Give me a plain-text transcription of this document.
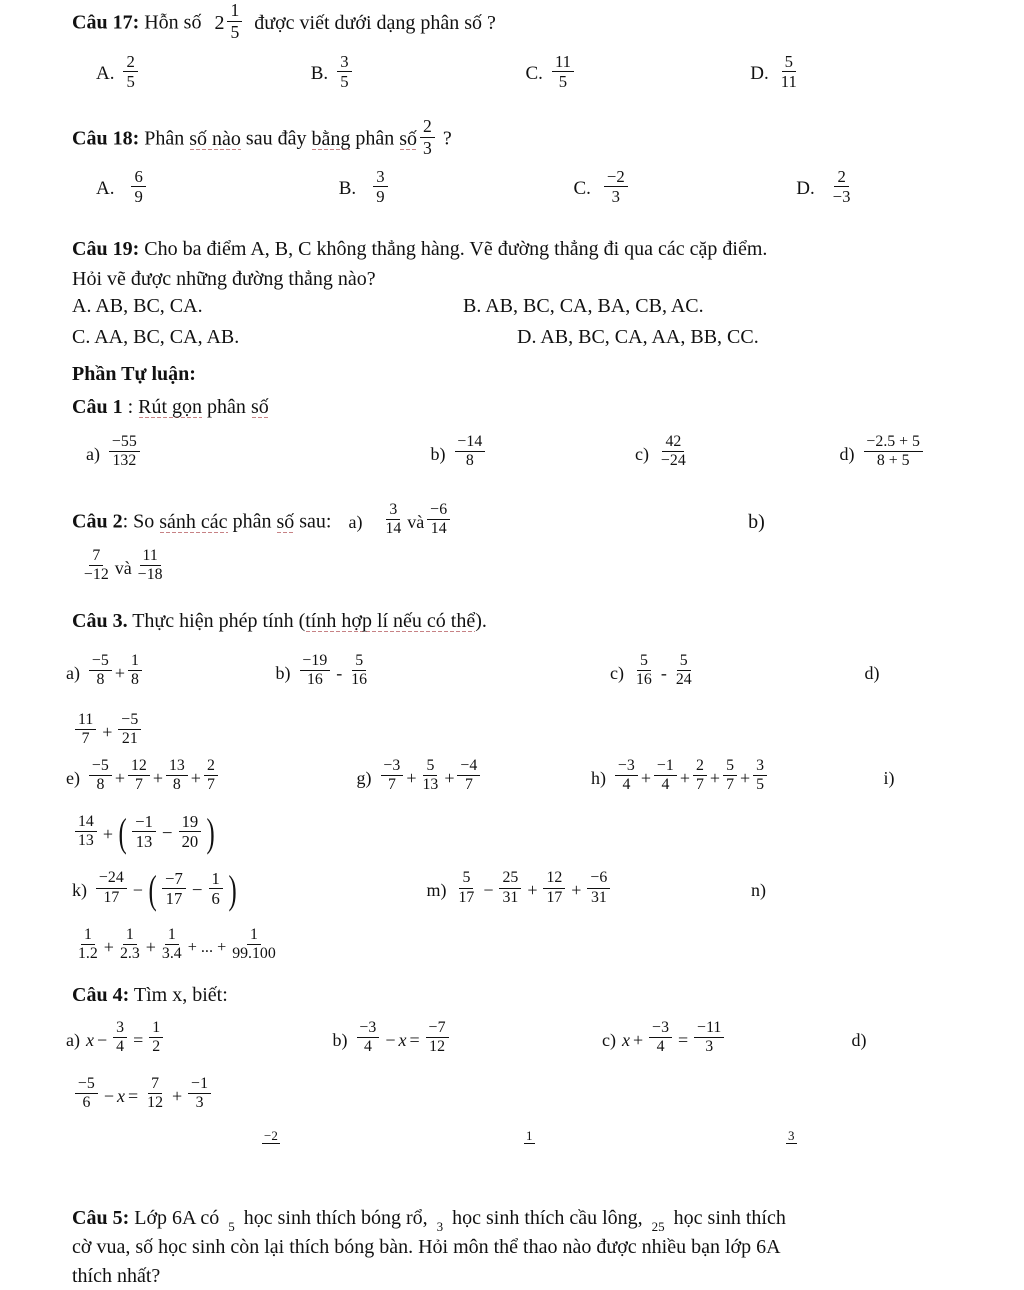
Câu 17: Hỗn số $2 \frac{1}{5}$ được viết dưới dạng phân số ?
A. $\frac{2}{5}$
	B. $\frac{3}{5}$
	C. $\frac{11}{5}$
	D. $\frac{5}{11}$
Câu 18: Phân số nào sau đây bằng phân số $\frac{2}{3}$ ?
A. $\frac{6}{9}$
	B. $\frac{3}{9}$
	C. $\frac{-2}{3}$
	D. $\frac{2}{-3}$
Câu 19: Cho ba điểm A, B, C không thẳng hàng. Vẽ đường thẳng đi qua các cặp điểm.
Hỏi vẽ được những đường thẳng nào?
A. AB, BC, CA.	B. AB, BC, CA, BA, CB, AC.
C. AA, BC, CA, AB.	D. AB, BC, CA, AA, BB, CC.
Phần Tự luận:
Câu 1 : Rút gọn phân số
$a) \frac{-55}{132}$
	$b) \frac{-14}{8}$
	$c) \frac{42}{-24}$
	$d) \frac{-2.5 + 5}{8 + 5}$
Câu 2: So sánh các phân số sau: $a) \frac{3}{14}$ và $\frac{-6}{14}$
	b)
$\frac{7}{-12}$ và $\frac{11}{-18}$
Câu 3. Thực hiện phép tính (tính hợp lí nếu có thể).
$a) \frac{-5}{8} + \frac{1}{8}$
	$b) \frac{-19}{16} - \frac{5}{16}$
	$c) \frac{5}{16} - \frac{5}{24}$
	d)
$\frac{11}{7} + \frac{-5}{21}$
$e) \frac{-5}{8} + \frac{12}{7} + \frac{13}{8} + \frac{2}{7}$
	$g) \frac{-3}{7} + \frac{5}{13} + \frac{-4}{7}$
	$h) \frac{-3}{4} + \frac{-1}{4} + \frac{2}{7} + \frac{5}{7} + \frac{3}{5}$
	i)
$\frac{14}{13}$ + ( $\frac{-1}{13} - \frac{19}{20}$ )
$k) \frac{-24}{17}$ − ( $\frac{-7}{17} - \frac{1}{6}$ )
	$m) \frac{5}{17} - \frac{25}{31} + \frac{12}{17} + \frac{-6}{31}$
	n)
$\frac{1}{1.2} + \frac{1}{2.3} + \frac{1}{3.4}$ + ... + $\frac{1}{99.100}$
Câu 4: Tìm x, biết:
a) $x - \frac{3}{4} = \frac{1}{2}$
	$b) \frac{-3}{4} - x = \frac{-7}{12}$
	c) $x + \frac{-3}{4} = \frac{-11}{3}$
	d)
$\frac{-5}{6} - x = \frac{7}{12} + \frac{-1}{3}$
−2	1	3
Câu 5: Lớp 6A có 5 học sinh thích bóng rổ, 3 học sinh thích cầu lông, 25 học sinh thích
cờ vua, số học sinh còn lại thích bóng bàn. Hỏi môn thể thao nào được nhiều bạn lớp 6A
thích nhất?
